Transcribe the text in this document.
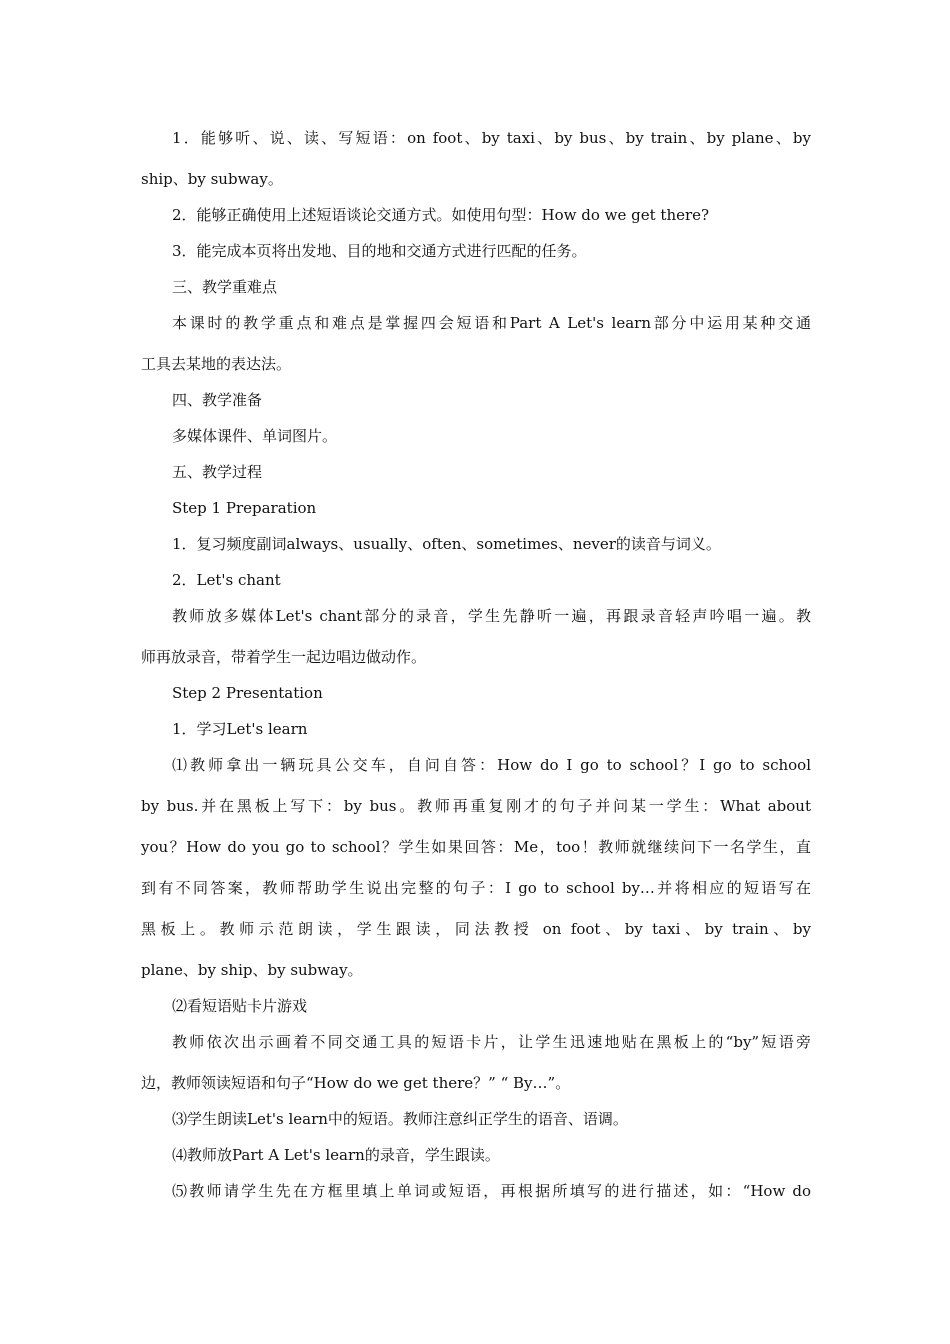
1．能够听、说、读、写短语：on foot、by taxi、by bus、by train、by plane、by
ship、by subway。
2．能够正确使用上述短语谈论交通方式。如使用句型：How do we get there?
3．能完成本页将出发地、目的地和交通方式进行匹配的任务。
三、教学重难点
本课时的教学重点和难点是掌握四会短语和Part A Let's learn部分中运用某种交通
工具去某地的表达法。
四、教学准备
多媒体课件、单词图片。
五、教学过程
Step 1 Preparation
1．复习频度副词always、usually、often、sometimes、never的读音与词义。
2．Let's chant
教师放多媒体Let's chant部分的录音，学生先静听一遍，再跟录音轻声吟唱一遍。教
师再放录音，带着学生一起边唱边做动作。
Step 2 Presentation
1．学习Let's learn
⑴教师拿出一辆玩具公交车，自问自答：How do I go to school？I go to school
by bus.并在黑板上写下：by bus。教师再重复刚才的句子并问某一学生：What about
you？How do you go to school？学生如果回答：Me，too！教师就继续问下一名学生，直
到有不同答案，教师帮助学生说出完整的句子：I go to school by…并将相应的短语写在
黑板上。教师示范朗读，学生跟读，同法教授 on foot、by taxi、by train、by
plane、by ship、by subway。
⑵看短语贴卡片游戏
教师依次出示画着不同交通工具的短语卡片，让学生迅速地贴在黑板上的“by”短语旁
边，教师领读短语和句子“How do we get there？” “ By…”。
⑶学生朗读Let's learn中的短语。教师注意纠正学生的语音、语调。
⑷教师放Part A Let's learn的录音，学生跟读。
⑸教师请学生先在方框里填上单词或短语，再根据所填写的进行描述，如：“How do
